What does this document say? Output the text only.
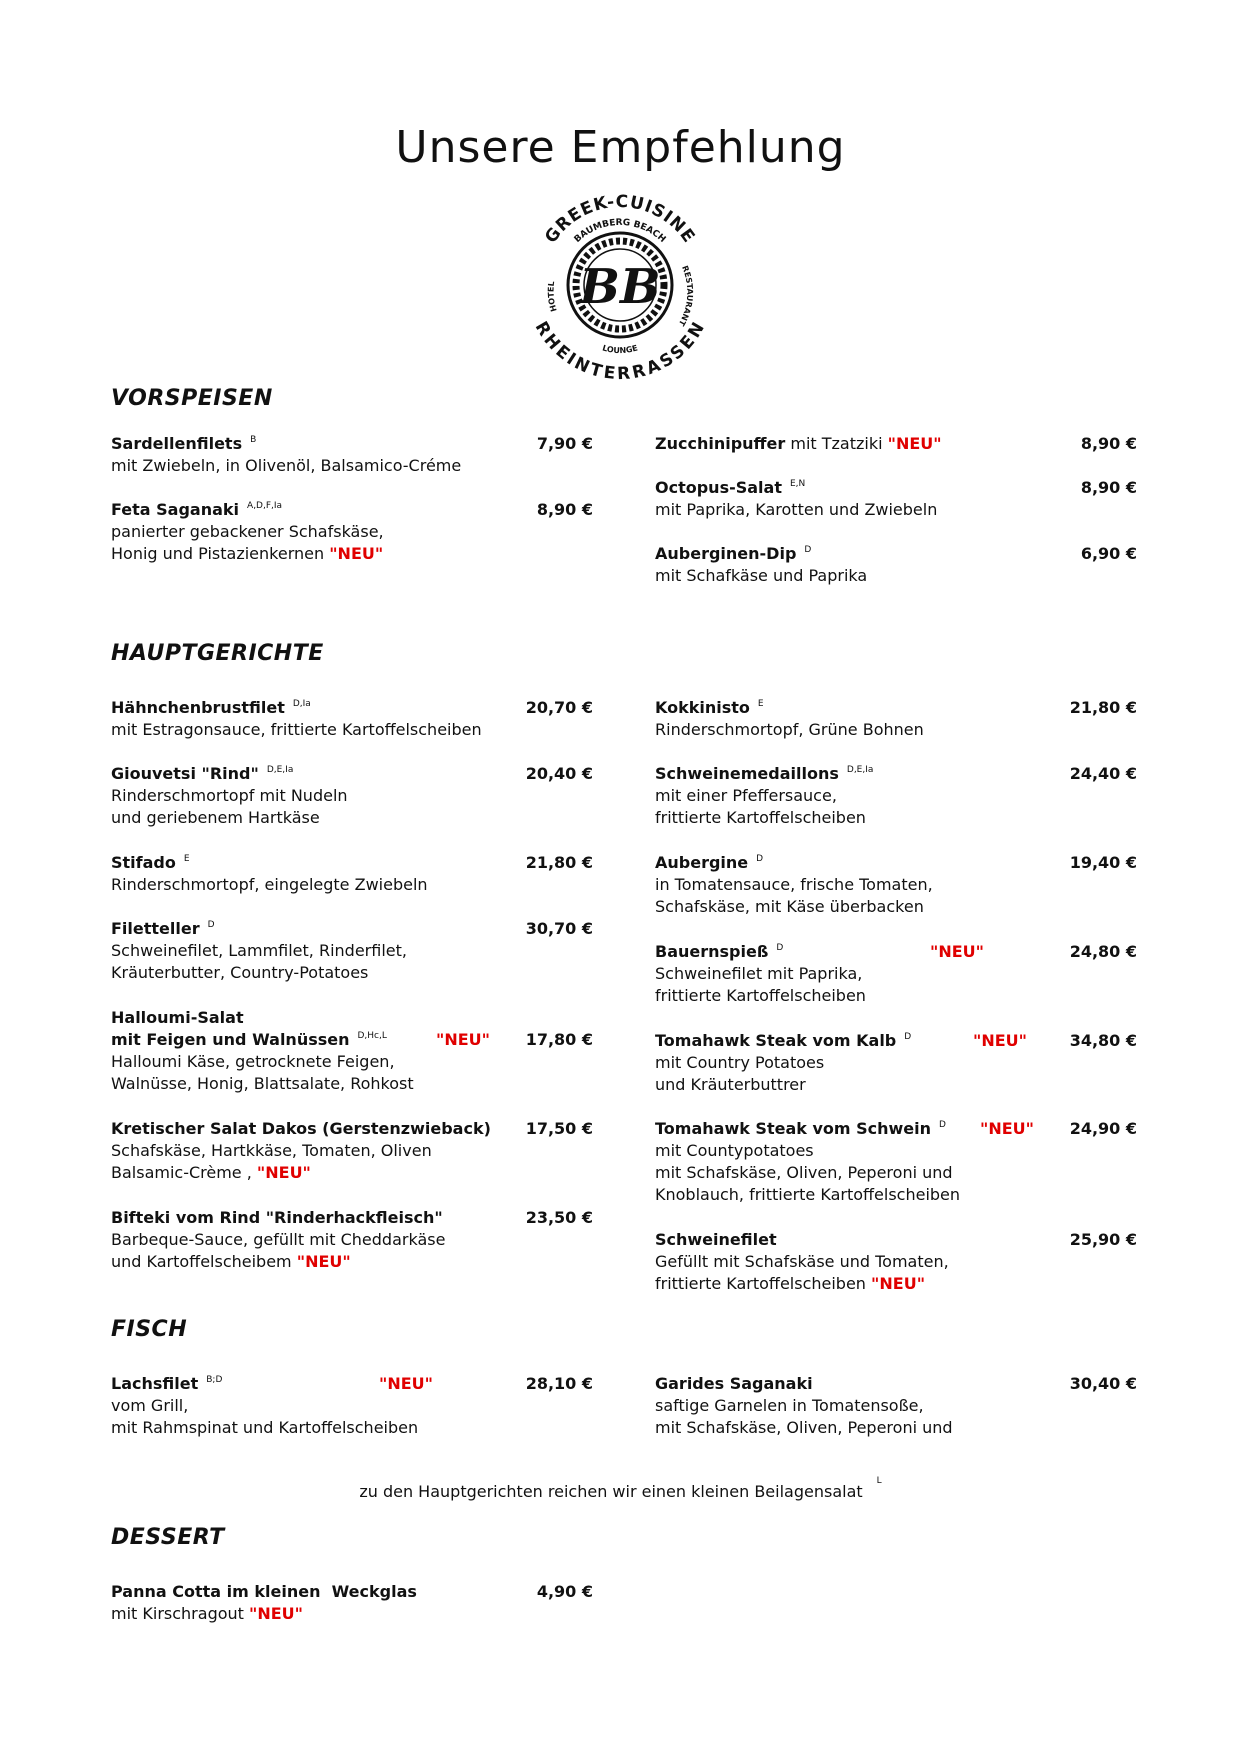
Unsere Empfehlung
GREEK-CUISINE
BAUMBERG BEACH
HOTEL
RESTAURANT
LOUNGE
RHEINTERRASSEN
BB
VORSPEISEN
HAUPTGERICHTE
FISCH
DESSERT
Sardellenfilets $^B$	7,90 €
mit Zwiebeln, in Olivenöl, Balsamico-Créme
Feta Saganaki $^{A,D,F,Ia}$	8,90 €
panierter gebackener Schafskäse,
Honig und Pistazienkernen "NEU"
Zucchinipuffer mit Tzatziki "NEU"	8,90 €
Octopus-Salat $^{E,N}$	8,90 €
mit Paprika, Karotten und Zwiebeln
Auberginen-Dip $^D$	6,90 €
mit Schafkäse und Paprika
Hähnchenbrustfilet $^{D,Ia}$	20,70 €
mit Estragonsauce, frittierte Kartoffelscheiben
Giouvetsi "Rind" $^{D,E,Ia}$	20,40 €
Rinderschmortopf mit Nudeln
und geriebenem Hartkäse
Stifado $^E$	21,80 €
Rinderschmortopf, eingelegte Zwiebeln
Filetteller $^D$	30,70 €
Schweinefilet, Lammfilet, Rinderfilet,
Kräuterbutter, Country-Potatoes
Halloumi-Salat
mit Feigen und Walnüssen $^{D,Hc,L}$	"NEU" 17,80 €
Halloumi Käse, getrocknete Feigen,
Walnüsse, Honig, Blattsalate, Rohkost
Kretischer Salat Dakos (Gerstenzwieback) 17,50 €
Schafskäse, Hartkkäse, Tomaten, Oliven
Balsamic-Crème , "NEU"
Bifteki vom Rind "Rinderhackfleisch"	23,50 €
Barbeque-Sauce, gefüllt mit Cheddarkäse
und Kartoffelscheibem "NEU"
Kokkinisto $^E$	21,80 €
Rinderschmortopf, Grüne Bohnen
Schweinemedaillons $^{D,E,Ia}$	24,40 €
mit einer Pfeffersauce,
frittierte Kartoffelscheiben
Aubergine $^D$	19,40 €
in Tomatensauce, frische Tomaten,
Schafskäse, mit Käse überbacken
Bauernspieß $^D$	"NEU"	24,80 €
Schweinefilet mit Paprika,
frittierte Kartoffelscheiben
Tomahawk Steak vom Kalb $^D$	"NEU"	34,80 €
mit Country Potatoes
und Kräuterbuttrer
Tomahawk Steak vom Schwein $^D$ "NEU" 24,90 €
mit Countypotatoes
mit Schafskäse, Oliven, Peperoni und
Knoblauch, frittierte Kartoffelscheiben
Schweinefilet	25,90 €
Gefüllt mit Schafskäse und Tomaten,
frittierte Kartoffelscheiben "NEU"
Lachsfilet $^{B;D}$	"NEU"	28,10 €
vom Grill,
mit Rahmspinat und Kartoffelscheiben
Garides Saganaki	30,40 €
saftige Garnelen in Tomatensoße,
mit Schafskäse, Oliven, Peperoni und
zu den Hauptgerichten reichen wir einen kleinen Beilagensalat$^L$
Panna Cotta im kleinen  Weckglas	4,90 €
mit Kirschragout "NEU"
